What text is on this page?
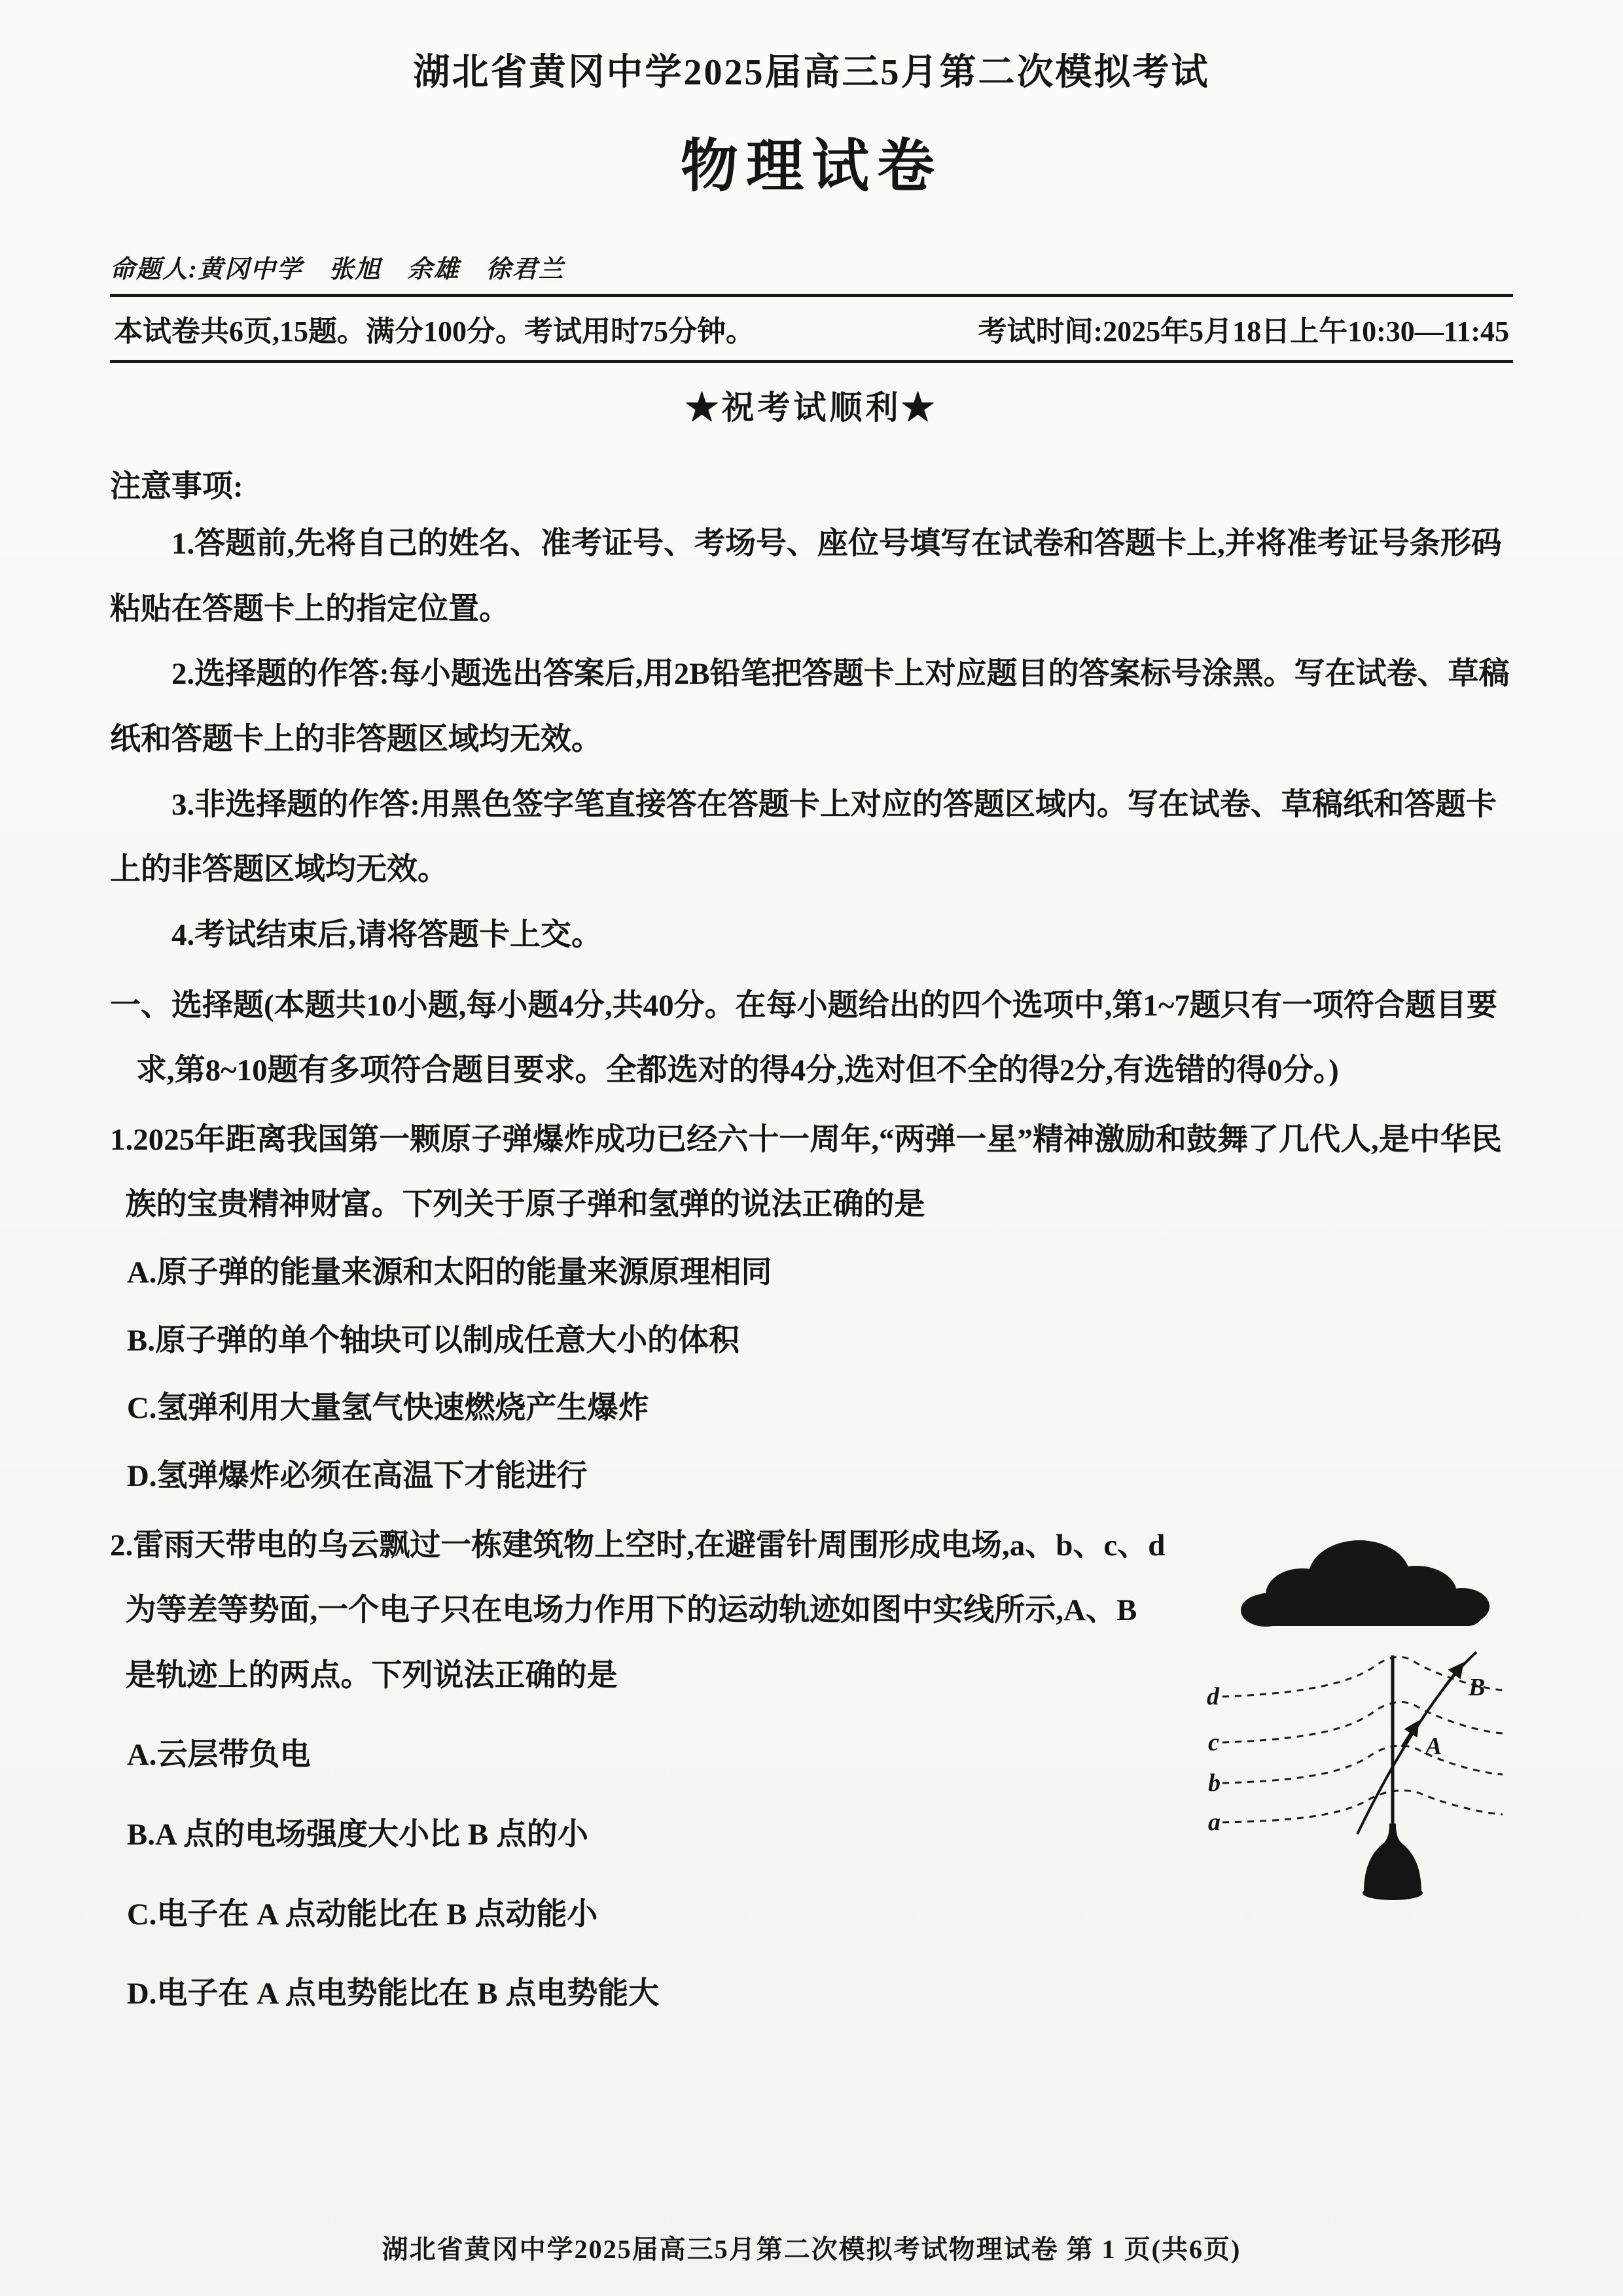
湖北省黄冈中学2025届高三5月第二次模拟考试
物理试卷
命题人:黄冈中学　张旭　余雄　徐君兰
本试卷共6页,15题。满分100分。考试用时75分钟。	考试时间:2025年5月18日上午10:30—11:45
★祝考试顺利★
注意事项:

1.答题前,先将自己的姓名、准考证号、考场号、座位号填写在试卷和答题卡上,并将准考证号条形码粘贴在答题卡上的指定位置。

2.选择题的作答:每小题选出答案后,用2B铅笔把答题卡上对应题目的答案标号涂黑。写在试卷、草稿纸和答题卡上的非答题区域均无效。

3.非选择题的作答:用黑色签字笔直接答在答题卡上对应的答题区域内。写在试卷、草稿纸和答题卡上的非答题区域均无效。

4.考试结束后,请将答题卡上交。

一、选择题(本题共10小题,每小题4分,共40分。在每小题给出的四个选项中,第1~7题只有一项符合题目要求,第8~10题有多项符合题目要求。全都选对的得4分,选对但不全的得2分,有选错的得0分。)

1.2025年距离我国第一颗原子弹爆炸成功已经六十一周年,“两弹一星”精神激励和鼓舞了几代人,是中华民族的宝贵精神财富。下列关于原子弹和氢弹的说法正确的是

A.原子弹的能量来源和太阳的能量来源原理相同

B.原子弹的单个轴块可以制成任意大小的体积

C.氢弹利用大量氢气快速燃烧产生爆炸

D.氢弹爆炸必须在高温下才能进行

d
c
b
a
B
A

2.雷雨天带电的乌云飘过一栋建筑物上空时,在避雷针周围形成电场,a、b、c、d 为等差等势面,一个电子只在电场力作用下的运动轨迹如图中实线所示,A、B 是轨迹上的两点。下列说法正确的是

A.云层带负电

B.A 点的电场强度大小比 B 点的小

C.电子在 A 点动能比在 B 点动能小

D.电子在 A 点电势能比在 B 点电势能大

湖北省黄冈中学2025届高三5月第二次模拟考试物理试卷 第 1 页(共6页)
